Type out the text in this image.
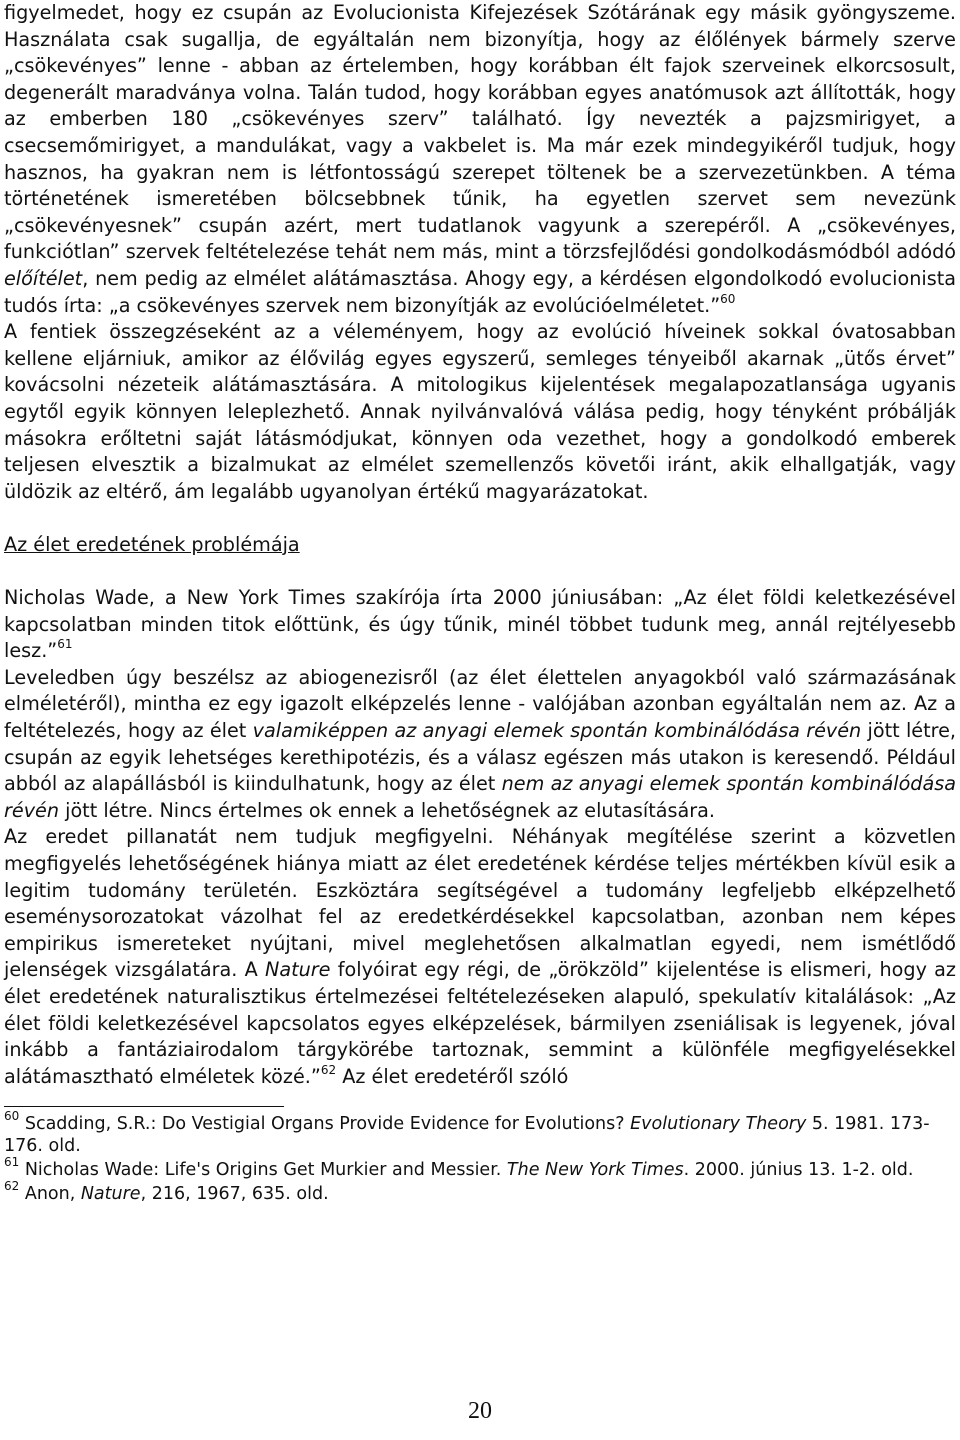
figyelmedet, hogy ez csupán az Evolucionista Kifejezések Szótárának egy másik gyöngyszeme. Használata csak sugallja, de egyáltalán nem bizonyítja, hogy az élőlények bármely szerve „csökevényes” lenne - abban az értelemben, hogy korábban élt fajok szerveinek elkorcsosult, degenerált maradványa volna. Talán tudod, hogy korábban egyes anatómusok azt állították, hogy az emberben 180 „csökevényes szerv” található. Így nevezték a pajzsmirigyet, a csecsemőmirigyet, a mandulákat, vagy a vakbelet is. Ma már ezek mindegyikéről tudjuk, hogy hasznos, ha gyakran nem is létfontosságú szerepet töltenek be a szervezetünkben. A téma történetének ismeretében bölcsebbnek tűnik, ha egyetlen szervet sem nevezünk „csökevényesnek” csupán azért, mert tudatlanok vagyunk a szerepéről. A „csökevényes, funkciótlan” szervek feltételezése tehát nem más, mint a törzsfejlődési gondolkodásmódból adódó előítélet, nem pedig az elmélet alátámasztása. Ahogy egy, a kérdésen elgondolkodó evolucionista tudós írta: „a csökevényes szervek nem bizonyítják az evolúcióelméletet.”$^{60}$

A fentiek összegzéseként az a véleményem, hogy az evolúció híveinek sokkal óvatosabban kellene eljárniuk, amikor az élővilág egyes egyszerű, semleges tényeiből akarnak „ütős érvet” kovácsolni nézeteik alátámasztására. A mitologikus kijelentések megalapozatlansága ugyanis egytől egyik könnyen leleplezhető. Annak nyilvánvalóvá válása pedig, hogy tényként próbálják másokra erőltetni saját látásmódjukat, könnyen oda vezethet, hogy a gondolkodó emberek teljesen elvesztik a bizalmukat az elmélet szemellenzős követői iránt, akik elhallgatják, vagy üldözik az eltérő, ám legalább ugyanolyan értékű magyarázatokat.

Az élet eredetének problémája

Nicholas Wade, a New York Times szakírója írta 2000 júniusában: „Az élet földi keletkezésével kapcsolatban minden titok előttünk, és úgy tűnik, minél többet tudunk meg, annál rejtélyesebb lesz.”$^{61}$

Leveledben úgy beszélsz az abiogenezisről (az élet élettelen anyagokból való származásának elméletéről), mintha ez egy igazolt elképzelés lenne - valójában azonban egyáltalán nem az. Az a feltételezés, hogy az élet valamiképpen az anyagi elemek spontán kombinálódása révén jött létre, csupán az egyik lehetséges kerethipotézis, és a válasz egészen más utakon is keresendő. Például abból az alapállásból is kiindulhatunk, hogy az élet nem az anyagi elemek spontán kombinálódása révén jött létre. Nincs értelmes ok ennek a lehetőségnek az elutasítására.

Az eredet pillanatát nem tudjuk megfigyelni. Néhányak megítélése szerint a közvetlen megfigyelés lehetőségének hiánya miatt az élet eredetének kérdése teljes mértékben kívül esik a legitim tudomány területén. Eszköztára segítségével a tudomány legfeljebb elképzelhető eseménysorozatokat vázolhat fel az eredetkérdésekkel kapcsolatban, azonban nem képes empirikus ismereteket nyújtani, mivel meglehetősen alkalmatlan egyedi, nem ismétlődő jelenségek vizsgálatára. A Nature folyóirat egy régi, de „örökzöld” kijelentése is elismeri, hogy az élet eredetének naturalisztikus értelmezései feltételezéseken alapuló, spekulatív kitalálások: „Az élet földi keletkezésével kapcsolatos egyes elképzelések, bármilyen zseniálisak is legyenek, jóval inkább a fantáziairodalom tárgykörébe tartoznak, semmint a különféle megfigyelésekkel alátámasztható elméletek közé.”$^{62}$ Az élet eredetéről szóló

$^{60}$ Scadding, S.R.: Do Vestigial Organs Provide Evidence for Evolutions? Evolutionary Theory 5. 1981. 173-176. old.

$^{61}$ Nicholas Wade: Life's Origins Get Murkier and Messier. The New York Times. 2000. június 13. 1-2. old.

$^{62}$ Anon, Nature, 216, 1967, 635. old.

20
